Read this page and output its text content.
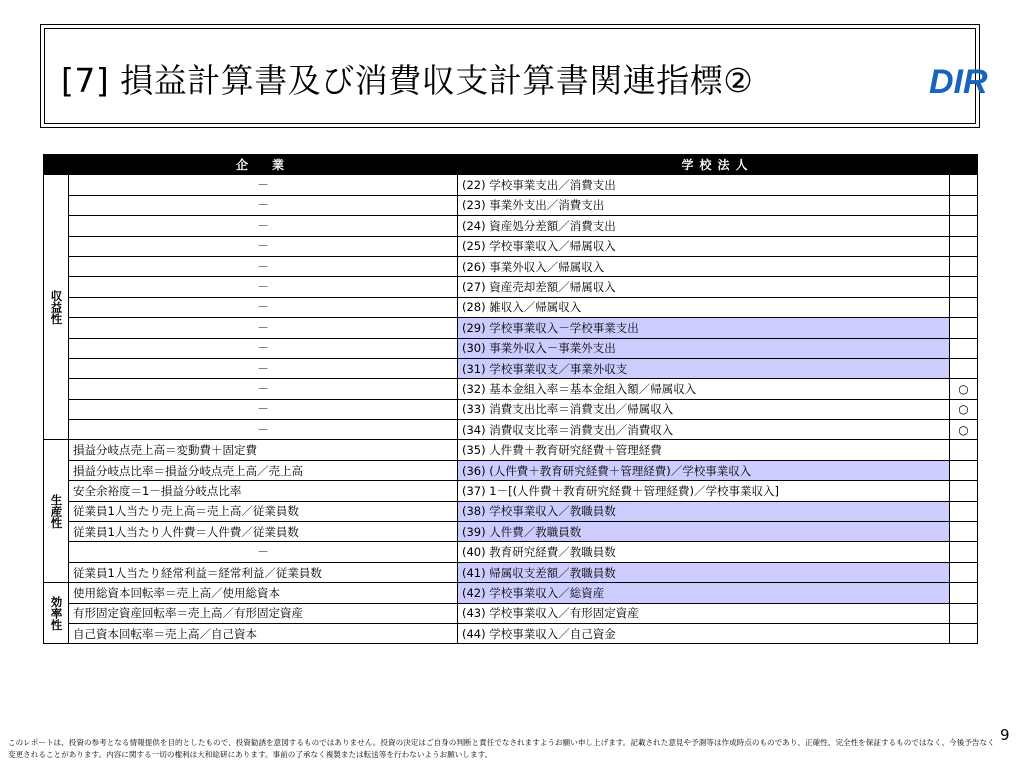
[7] 損益計算書及び消費収支計算書関連指標②	DIR
	企　業	学校法人	
収益性	－	(22) 学校事業支出／消費支出	
	－	(23) 事業外支出／消費支出	
	－	(24) 資産処分差額／消費支出	
	－	(25) 学校事業収入／帰属収入	
	－	(26) 事業外収入／帰属収入	
	－	(27) 資産売却差額／帰属収入	
	－	(28) 雑収入／帰属収入	
	－	(29) 学校事業収入－学校事業支出	
	－	(30) 事業外収入－事業外支出	
	－	(31) 学校事業収支／事業外収支	
	－	(32) 基本金組入率＝基本金組入額／帰属収入	○
	－	(33) 消費支出比率＝消費支出／帰属収入	○
	－	(34) 消費収支比率＝消費支出／消費収入	○
生産性	損益分岐点売上高＝変動費＋固定費	(35) 人件費＋教育研究経費＋管理経費	
	損益分岐点比率＝損益分岐点売上高／売上高	(36) (人件費＋教育研究経費＋管理経費)／学校事業収入	
	安全余裕度＝1－損益分岐点比率	(37) 1－[(人件費＋教育研究経費＋管理経費)／学校事業収入]	
	従業員1人当たり売上高＝売上高／従業員数	(38) 学校事業収入／教職員数	
	従業員1人当たり人件費＝人件費／従業員数	(39) 人件費／教職員数	
	－	(40) 教育研究経費／教職員数	
	従業員1人当たり経常利益＝経常利益／従業員数	(41) 帰属収支差額／教職員数	
効率性	使用総資本回転率＝売上高／使用総資本	(42) 学校事業収入／総資産	
	有形固定資産回転率＝売上高／有形固定資産	(43) 学校事業収入／有形固定資産	
	自己資本回転率＝売上高／自己資本	(44) 学校事業収入／自己資金	
9
このレポートは、投資の参考となる情報提供を目的としたもので、投資勧誘を意図するものではありません。投資の決定はご自身の判断と責任でなされますようお願い申し上げます。記載された意見や予測等は作成時点のものであり、正確性、完全性を保証するものではなく、今後予告なく変更されることがあります。内容に関する一切の権利は大和総研にあります。事前の了承なく複製または転送等を行わないようお願いします。
